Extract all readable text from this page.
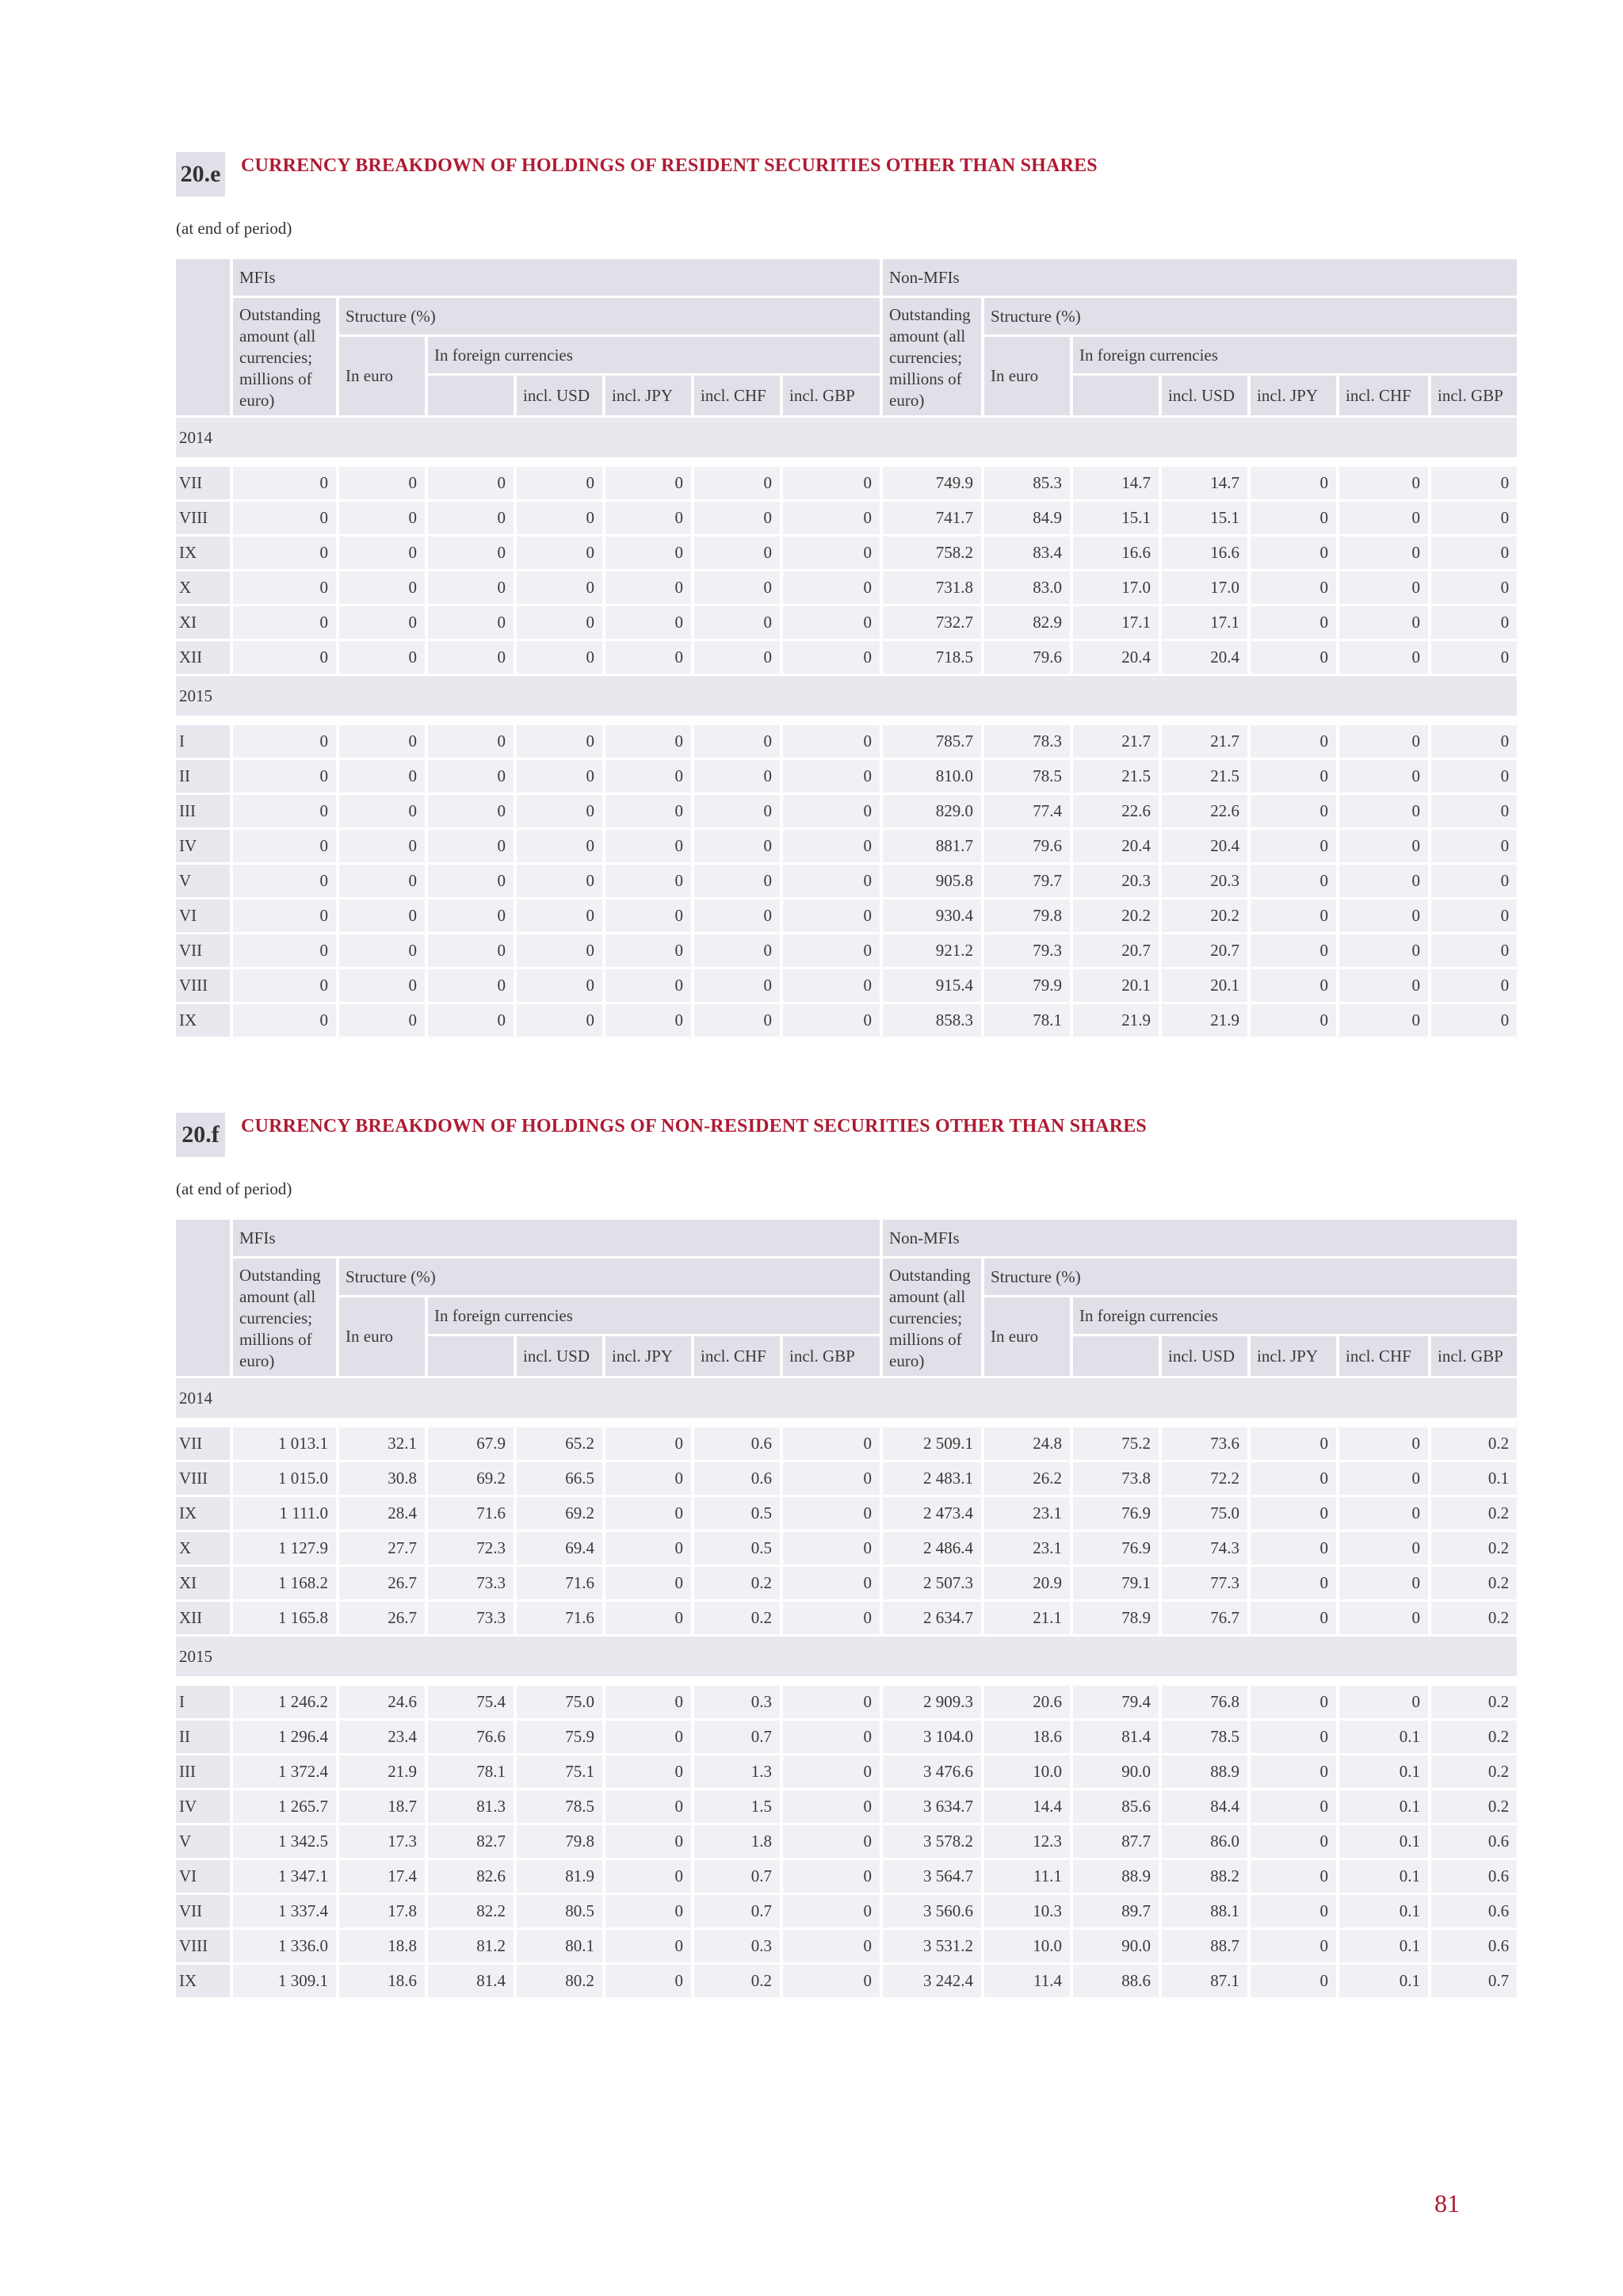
20.e CURRENCY BREAKDOWN OF HOLDINGS OF RESIDENT SECURITIES OTHER THAN SHARES
(at end of period)
	MFIs							Non-MFIs						
	Outstanding amount (all currencies; millions of euro)	Structure (%)						Outstanding amount (all currencies; millions of euro)	Structure (%)					
		In euro	In foreign currencies						In euro	In foreign currencies				
				incl. USD	incl. JPY	incl. CHF	incl. GBP				incl. USD	incl. JPY	incl. CHF	incl. GBP
2014														

VII	0	0	0	0	0	0	0	749.9	85.3	14.7	14.7	0	0	0
VIII	0	0	0	0	0	0	0	741.7	84.9	15.1	15.1	0	0	0
IX	0	0	0	0	0	0	0	758.2	83.4	16.6	16.6	0	0	0
X	0	0	0	0	0	0	0	731.8	83.0	17.0	17.0	0	0	0
XI	0	0	0	0	0	0	0	732.7	82.9	17.1	17.1	0	0	0
XII	0	0	0	0	0	0	0	718.5	79.6	20.4	20.4	0	0	0
2015														

I	0	0	0	0	0	0	0	785.7	78.3	21.7	21.7	0	0	0
II	0	0	0	0	0	0	0	810.0	78.5	21.5	21.5	0	0	0
III	0	0	0	0	0	0	0	829.0	77.4	22.6	22.6	0	0	0
IV	0	0	0	0	0	0	0	881.7	79.6	20.4	20.4	0	0	0
V	0	0	0	0	0	0	0	905.8	79.7	20.3	20.3	0	0	0
VI	0	0	0	0	0	0	0	930.4	79.8	20.2	20.2	0	0	0
VII	0	0	0	0	0	0	0	921.2	79.3	20.7	20.7	0	0	0
VIII	0	0	0	0	0	0	0	915.4	79.9	20.1	20.1	0	0	0
IX	0	0	0	0	0	0	0	858.3	78.1	21.9	21.9	0	0	0
20.f	CURRENCY BREAKDOWN OF HOLDINGS OF NON-RESIDENT SECURITIES OTHER THAN SHARES
(at end of period)
	MFIs							Non-MFIs						
	Outstanding amount (all currencies; millions of euro)	Structure (%)						Outstanding amount (all currencies; millions of euro)	Structure (%)					
		In euro	In foreign currencies						In euro	In foreign currencies				
				incl. USD	incl. JPY	incl. CHF	incl. GBP				incl. USD	incl. JPY	incl. CHF	incl. GBP
2014														

VII	1 013.1	32.1	67.9	65.2	0	0.6	0	2 509.1	24.8	75.2	73.6	0	0	0.2
VIII	1 015.0	30.8	69.2	66.5	0	0.6	0	2 483.1	26.2	73.8	72.2	0	0	0.1
IX	1 111.0	28.4	71.6	69.2	0	0.5	0	2 473.4	23.1	76.9	75.0	0	0	0.2
X	1 127.9	27.7	72.3	69.4	0	0.5	0	2 486.4	23.1	76.9	74.3	0	0	0.2
XI	1 168.2	26.7	73.3	71.6	0	0.2	0	2 507.3	20.9	79.1	77.3	0	0	0.2
XII	1 165.8	26.7	73.3	71.6	0	0.2	0	2 634.7	21.1	78.9	76.7	0	0	0.2
2015														

I	1 246.2	24.6	75.4	75.0	0	0.3	0	2 909.3	20.6	79.4	76.8	0	0	0.2
II	1 296.4	23.4	76.6	75.9	0	0.7	0	3 104.0	18.6	81.4	78.5	0	0.1	0.2
III	1 372.4	21.9	78.1	75.1	0	1.3	0	3 476.6	10.0	90.0	88.9	0	0.1	0.2
IV	1 265.7	18.7	81.3	78.5	0	1.5	0	3 634.7	14.4	85.6	84.4	0	0.1	0.2
V	1 342.5	17.3	82.7	79.8	0	1.8	0	3 578.2	12.3	87.7	86.0	0	0.1	0.6
VI	1 347.1	17.4	82.6	81.9	0	0.7	0	3 564.7	11.1	88.9	88.2	0	0.1	0.6
VII	1 337.4	17.8	82.2	80.5	0	0.7	0	3 560.6	10.3	89.7	88.1	0	0.1	0.6
VIII	1 336.0	18.8	81.2	80.1	0	0.3	0	3 531.2	10.0	90.0	88.7	0	0.1	0.6
IX	1 309.1	18.6	81.4	80.2	0	0.2	0	3 242.4	11.4	88.6	87.1	0	0.1	0.7
81
